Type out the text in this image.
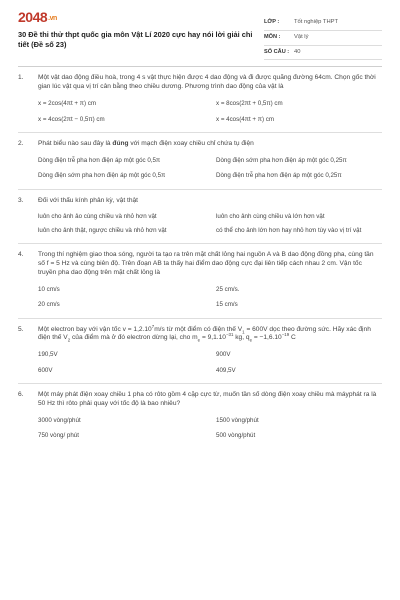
2048.vn
30 Đề thi thử thpt quốc gia môn Vật Lí 2020 cực hay nói lời giải chi tiết (Đề số 23)
LỚP :	Tốt nghiệp THPT
MÔN :	Vật lý
SỐ CÂU : 40
1.	Một vật dao động điều hoà, trong 4 s vật thực hiện được 4 dao động và đi được quãng đường 64cm. Chọn gốc thời gian lúc vật qua vị trí cân bằng theo chiều dương. Phương trình dao động của vật là
x = 2cos(4πt + π) cm	x = 8cos(2πt + 0,5π) cm
x = 4cos(2πt − 0,5π) cm	x = 4cos(4πt + π) cm
2.	Phát biểu nào sau đây là đúng với mạch điện xoay chiều chỉ chứa tụ điện
Dòng điện trễ pha hơn điện áp một góc 0,5π	Dòng điện sớm pha hơn điện áp một góc 0,25π
Dòng điện sớm pha hơn điện áp một góc 0,5π	Dòng điện trễ pha hơn điện áp một góc 0,25π
3.	Đối với thấu kính phân kỳ, vật thật
luôn cho ảnh ảo cùng chiều và nhỏ hơn vật	luôn cho ảnh cùng chiều và lớn hơn vật
luôn cho ảnh thật, ngược chiều và nhỏ hơn vật	có thể cho ảnh lớn hơn hay nhỏ hơn tùy vào vị trí vật
4.	Trong thí nghiệm giao thoa sóng, người ta tạo ra trên mặt chất lỏng hai nguồn A và B dao động đồng pha, cùng tần số f = 5 Hz và cùng biên độ. Trên đoạn AB ta thấy hai điểm dao động cực đại liên tiếp cách nhau 2 cm. Vận tốc truyền pha dao động trên mặt chất lỏng là
10 cm/s	25 cm/s.
20 cm/s	15 cm/s
5.	Một electron bay với vận tốc $v = 1,2.10^7m/s$ từ một điểm có điện thế $V_1 = 600V$ dọc theo đường sức. Hãy xác định điện thế $V_2$ của điểm mà ở đó electron dừng lại, cho $m_e = 9,1.10^{-31}$ kg, $q_e = -1,6.10^{-19}$ C
190,5V	900V
600V	409,5V
6.	Một máy phát điện xoay chiều 1 pha có rôto gồm 4 cặp cực từ, muốn tần số dòng điện xoay chiều mà máyphát ra là 50 Hz thì rôto phải quay với tốc độ là bao nhiêu?
3000 vòng/phút	1500 vòng/phút
750 vòng/ phút	500 vòng/phút
